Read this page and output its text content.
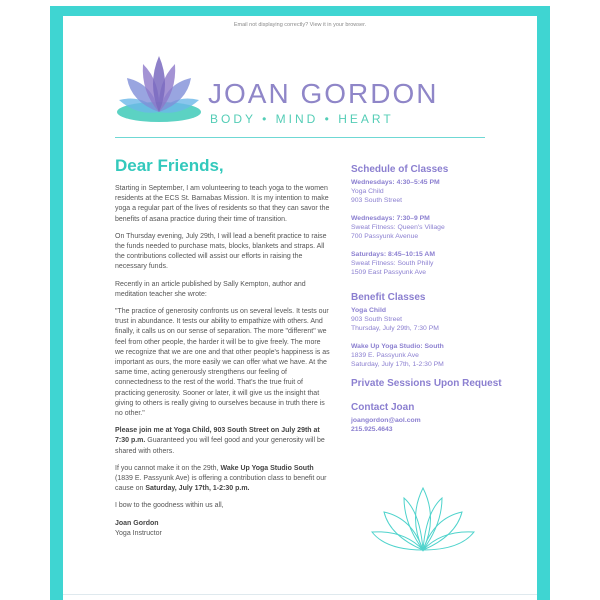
Email not displaying correctly? View it in your browser.
JOAN GORDON
BODY • MIND • HEART
Dear Friends,

Starting in September, I am volunteering to teach yoga to the women residents at the ECS St. Barnabas Mission. It is my intention to make yoga a regular part of the lives of residents so that they can savor the benefits of asana practice during their time of transition.

On Thursday evening, July 29th, I will lead a benefit practice to raise the funds needed to purchase mats, blocks, blankets and straps. All the contributions collected will assist our efforts in raising the necessary funds.

Recently in an article published by Sally Kempton, author and meditation teacher she wrote:

"The practice of generosity confronts us on several levels. It tests our trust in abundance. It tests our ability to empathize with others. And finally, it calls us on our sense of separation. The more "different" we feel from other people, the harder it will be to give freely. The more we recognize that we are one and that other people's happiness is as important as ours, the more easily we can offer what we have. At the same time, acting generously strengthens our feeling of connectedness to the rest of the world. That's the true fruit of practicing generosity. Sooner or later, it will give us the insight that giving to others is really giving to ourselves because in truth there is no other."

Please join me at Yoga Child, 903 South Street on July 29th at 7:30 p.m. Guaranteed you will feel good and your generosity will be shared with others.

If you cannot make it on the 29th, Wake Up Yoga Studio South (1839 E. Passyunk Ave) is offering a contribution class to benefit our cause on Saturday, July 17th, 1-2:30 p.m.

I bow to the goodness within us all,

Joan Gordon
Yoga Instructor
Schedule of Classes
Wednesdays: 4:30–5:45 PM
Yoga Child
903 South Street
Wednesdays: 7:30–9 PM
Sweat Fitness: Queen's Village
700 Passyunk Avenue
Saturdays: 8:45–10:15 AM
Sweat Fitness: South Philly
1509 East Passyunk Ave
Benefit Classes
Yoga Child
903 South Street
Thursday, July 29th, 7:30 PM
Wake Up Yoga Studio: South
1839 E. Passyunk Ave
Saturday, July 17th, 1-2:30 PM
Private Sessions Upon Request
Contact Joan
joangordon@aol.com
215.925.4643
